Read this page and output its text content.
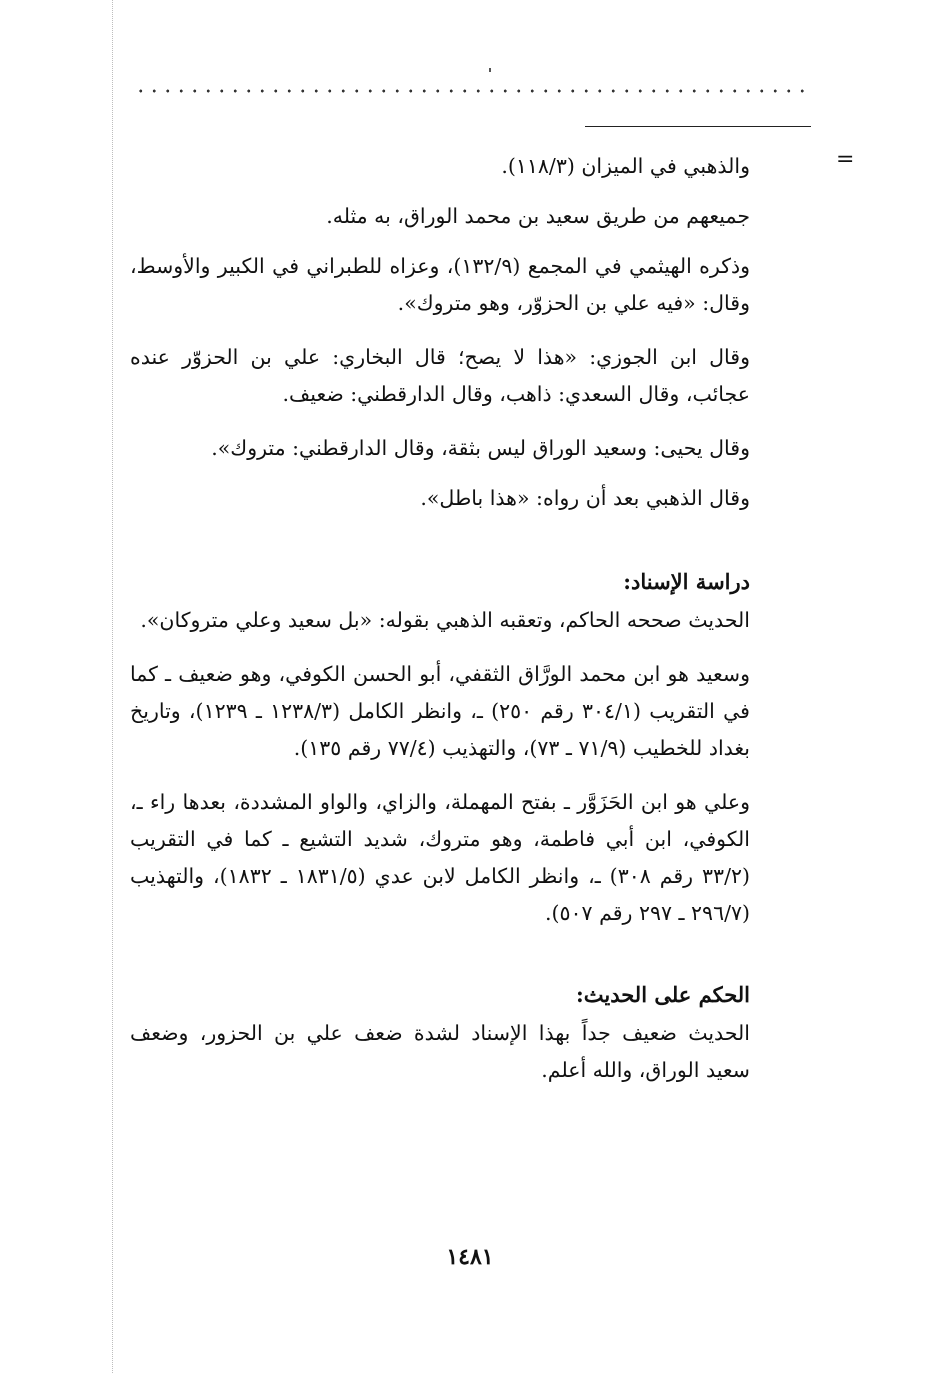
=

والذهبي في الميزان (١١٨/٣).

جميعهم من طريق سعيد بن محمد الوراق، به مثله.

وذكره الهيثمي في المجمع (١٣٢/٩)، وعزاه للطبراني في الكبير والأوسط، وقال: «فيه علي بن الحزوّر، وهو متروك».

وقال ابن الجوزي: «هذا لا يصح؛ قال البخاري: علي بن الحزوّر عنده عجائب، وقال السعدي: ذاهب، وقال الدارقطني: ضعيف.

وقال يحيى: وسعيد الوراق ليس بثقة، وقال الدارقطني: متروك».

وقال الذهبي بعد أن رواه: «هذا باطل».

دراسة الإسناد:

الحديث صححه الحاكم، وتعقبه الذهبي بقوله: «بل سعيد وعلي متروكان».

وسعيد هو ابن محمد الورَّاق الثقفي، أبو الحسن الكوفي، وهو ضعيف ـ كما في التقريب (٣٠٤/١ رقم ٢٥٠) ـ، وانظر الكامل (١٢٣٨/٣ ـ ١٢٣٩)، وتاريخ بغداد للخطيب (٧١/٩ ـ ٧٣)، والتهذيب (٧٧/٤ رقم ١٣٥).

وعلي هو ابن الحَزَوَّر ـ بفتح المهملة، والزاي، والواو المشددة، بعدها راء ـ، الكوفي، ابن أبي فاطمة، وهو متروك، شديد التشيع ـ كما في التقريب (٣٣/٢ رقم ٣٠٨) ـ، وانظر الكامل لابن عدي (١٨٣١/٥ ـ ١٨٣٢)، والتهذيب (٢٩٦/٧ ـ ٢٩٧ رقم ٥٠٧).

الحكم على الحديث:

الحديث ضعيف جداً بهذا الإسناد لشدة ضعف علي بن الحزور، وضعف سعيد الوراق، والله أعلم.

١٤٨١
